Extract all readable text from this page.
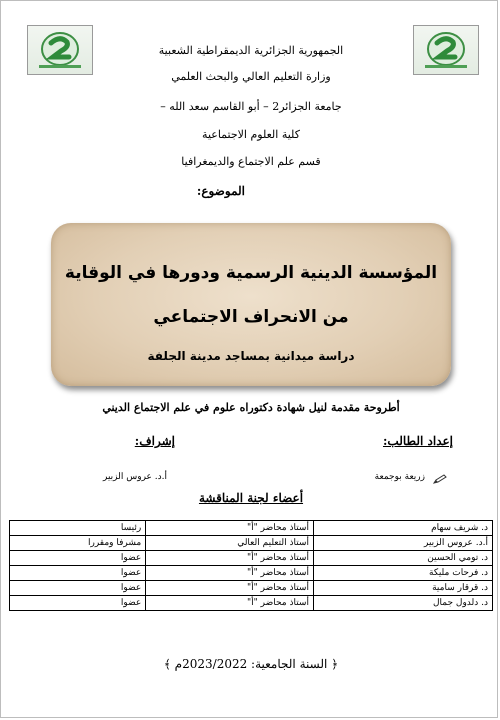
الجمهورية الجزائرية الديمقراطية الشعبية
وزارة التعليم العالي والبحث العلمي
جامعة الجزائر2 – أبو القاسم سعد الله –
كلية العلوم الاجتماعية
قسم علم الاجتماع والديمغرافيا
الموضوع:
المؤسسة الدينية الرسمية ودورها في الوقاية
من الانحراف الاجتماعي
دراسة ميدانية بمساجد مدينة الجلفة
أطروحة مقدمة لنيل شهادة دكتوراه علوم في علم الاجتماع الديني
إعداد الطالب:
إشراف:
زريعة بوجمعة
أ.د. عروس الزبير
أعضاء لجنة المناقشة
د. شريف سهام	أستاذ محاضر "أ"	رئيسا
أ.د. عروس الزبير	أستاذ التعليم العالي	مشرفا ومقررا
د. تومي الحسين	أستاذ محاضر "أ"	عضوا
د. فرحات مليكة	أستاذ محاضر "أ"	عضوا
د. قرقار سامية	أستاذ محاضر "أ"	عضوا
د. دلدول جمال	أستاذ محاضر "أ"	عضوا
﴿ السنة الجامعية: 2023/2022م ﴾
